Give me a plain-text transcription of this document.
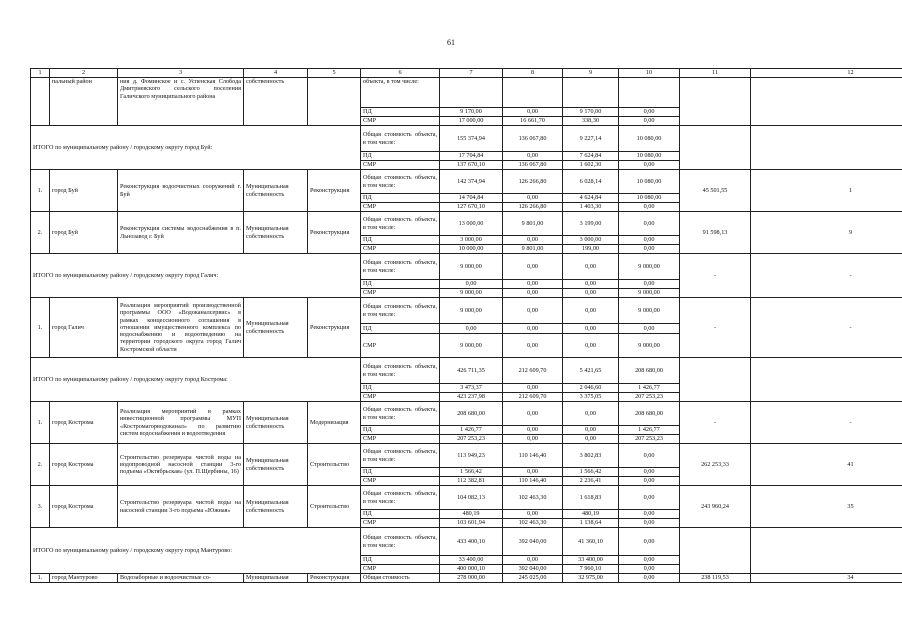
61
1	2	3	4	5	6	7	8	9	10	11	12
	пальный район	ния д. Фоминское и с. Успенская Слобода Дмитриевского сельского поселения Галичского муниципального района	собственность		объекта, в том числе:						
					ПД	9 170,00	0,00	9 170,00	0,00		
					СМР	17 000,00	16 661,70	338,30	0,00		
ИТОГО по муниципальному району / городскому округу город Буй:					Общая стоимость объекта, в том числе:	155 374,94	136 067,80	9 227,14	10 080,00		
					ПД	17 704,84	0,00	7 624,84	10 080,00		
					СМР	137 670,10	136 067,80	1 602,30	0,00		
1.	город Буй	Реконструкция водоочистных сооружений г. Буй	Муниципальная собственность	Реконструкция	Общая стоимость объекта, в том числе:	142 374,94	126 266,80	6 028,14	10 080,00	45 501,55	1
					ПД	14 704,84	0,00	4 624,84	10 080,00		
					СМР	127 670,10	126 266,80	1 403,30	0,00		
2.	город Буй	Реконструкция системы водоснабжения в п. Льнозавод г. Буй	Муниципальная собственность	Реконструкция	Общая стоимость объекта, в том числе:	13 000,00	9 801,00	3 199,00	0,00	91 598,13	9
					ПД	3 000,00	0,00	3 000,00	0,00		
					СМР	10 000,00	9 801,00	199,00	0,00		
ИТОГО по муниципальному району / городскому округу город Галич:					Общая стоимость объекта, в том числе:	9 000,00	0,00	0,00	9 000,00	-	-
					ПД	0,00	0,00	0,00	0,00		
					СМР	9 000,00	0,00	0,00	9 000,00		
1.	город Галич	Реализация мероприятий производственной программы ООО «Водоканалсервис» в рамках концессионного соглашения в отношении имущественного комплекса по водоснабжению и водоотведению на территории городского округа город Галич Костромской области	Муниципальная собственность	Реконструкция	Общая стоимость объекта, в том числе:	9 000,00	0,00	0,00	9 000,00	-	-
					ПД	0,00	0,00	0,00	0,00		
					СМР	9 000,00	0,00	0,00	9 000,00		
ИТОГО по муниципальному району / городскому округу город Кострома:					Общая стоимость объекта, в том числе:	426 711,35	212 609,70	5 421,65	208 680,00		
					ПД	3 473,37	0,00	2 046,60	1 426,77		
					СМР	423 237,98	212 609,70	3 375,05	207 253,23		
1.	город Кострома	Реализация мероприятий в рамках инвестиционной программы МУП «Костромагорводоканал» по развитию систем водоснабжения и водоотведения	Муниципальная собственность	Модернизация	Общая стоимость объекта, в том числе:	208 680,00	0,00	0,00	208 680,00	-	-
					ПД	1 426,77	0,00	0,00	1 426,77		
					СМР	207 253,23	0,00	0,00	207 253,23		
2.	город Кострома	Строительство резервуара чистой воды на водопроводной насосной станции 3-го подъема «Октябрьская» (ул. П.Щербины, 16)	Муниципальная собственность	Строительство	Общая стоимость объекта, в том числе:	113 949,23	110 146,40	3 802,83	0,00	262 253,33	41
					ПД	1 566,42	0,00	1 566,42	0,00		
					СМР	112 382,81	110 146,40	2 236,41	0,00		
3.	город Кострома	Строительство резервуара чистой воды на насосной станции 3-го подъема «Южная»	Муниципальная собственность	Строительство	Общая стоимость объекта, в том числе:	104 082,13	102 463,30	1 618,83	0,00	243 960,24	35
					ПД	480,19	0,00	480,19	0,00		
					СМР	103 601,94	102 463,30	1 138,64	0,00		
ИТОГО по муниципальному району / городскому округу город Мантурово:					Общая стоимость объекта, в том числе:	433 400,10	392 040,00	41 360,10	0,00		
					ПД	33 400,00	0,00	33 400,00	0,00		
					СМР	400 000,10	392 040,00	7 960,10	0,00		
1.	город Мантурово	Водозаборные и водоочистные со-	Муниципальная	Реконструкция	Общая стоимость	278 000,00	245 025,00	32 975,00	0,00	238 119,53	34
